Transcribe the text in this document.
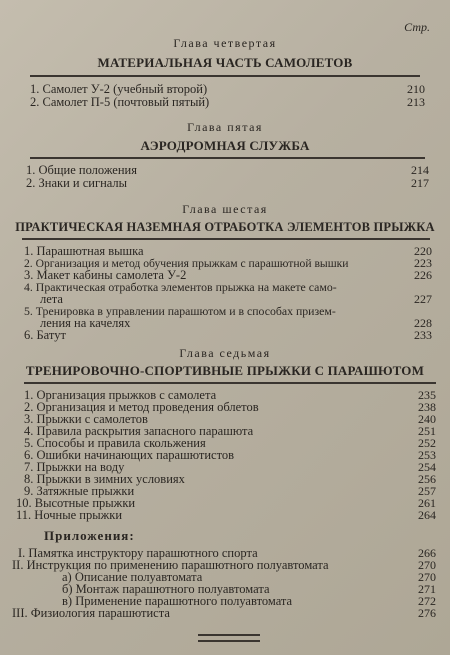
Стр.
Глава четвертая
МАТЕРИАЛЬНАЯ ЧАСТЬ САМОЛЕТОВ
1. Самолет У-2 (учебный второй)	210
2. Самолет П-5 (почтовый пятый)	213
Глава пятая
АЭРОДРОМНАЯ СЛУЖБА
1. Общие положения	214
2. Знаки и сигналы	217
Глава шестая
ПРАКТИЧЕСКАЯ НАЗЕМНАЯ ОТРАБОТКА ЭЛЕМЕНТОВ ПРЫЖКА
1. Парашютная вышка	220
2. Организация и метод обучения прыжкам с парашютной вышки	223
3. Макет кабины самолета У-2	226
4. Практическая отработка элементов прыжка на макете само-
лета	227
5. Тренировка в управлении парашютом и в способах призем-
ления на качелях	228
6. Батут	233
Глава седьмая
ТРЕНИРОВОЧНО-СПОРТИВНЫЕ ПРЫЖКИ С ПАРАШЮТОМ
1. Организация прыжков с самолета	235
2. Организация и метод проведения облетов	238
3. Прыжки с самолетов	240
4. Правила раскрытия запасного парашюта	251
5. Способы и правила скольжения	252
6. Ошибки начинающих парашютистов	253
7. Прыжки на воду	254
8. Прыжки в зимних условиях	256
9. Затяжные прыжки	257
10. Высотные прыжки	261
11. Ночные прыжки	264
Приложения:
I. Памятка инструктору парашютного спорта	266
II. Инструкция по применению парашютного полуавтомата	270
а) Описание полуавтомата	270
б) Монтаж парашютного полуавтомата	271
в) Применение парашютного полуавтомата	272
III. Физиология парашютиста	276
